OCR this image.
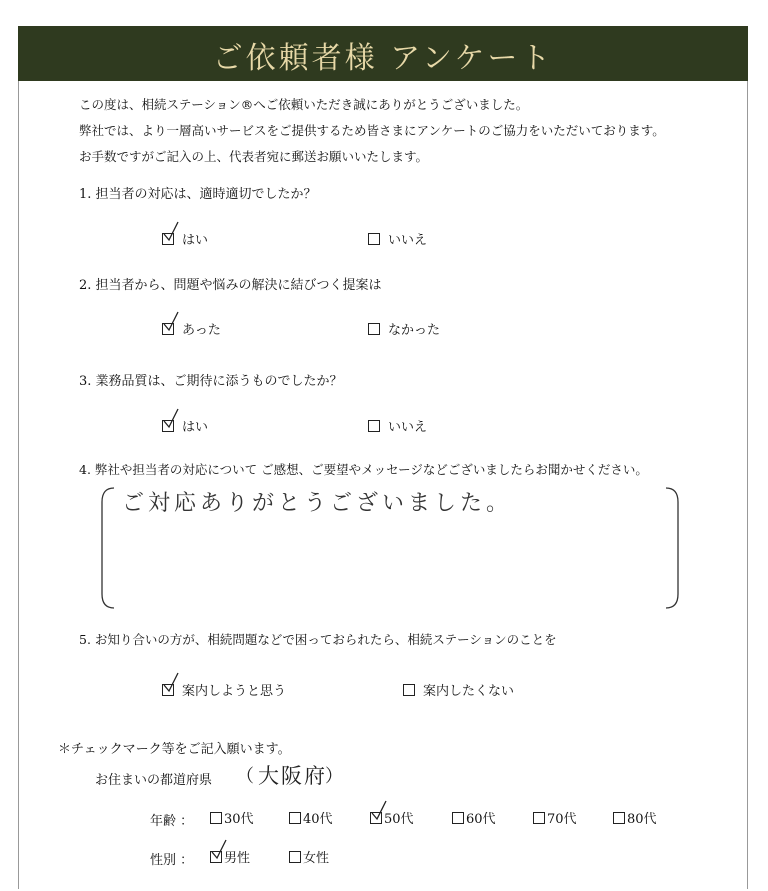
ご依頼者様 アンケート
この度は、相続ステーション®へご依頼いただき誠にありがとうございました。
弊社では、より一層高いサービスをご提供するため皆さまにアンケートのご協力をいただいております。
お手数ですがご記入の上、代表者宛に郵送お願いいたします。
1. 担当者の対応は、適時適切でしたか？
はい	いいえ
2. 担当者から、問題や悩みの解決に結びつく提案は
あった	なかった
3. 業務品質は、ご期待に添うものでしたか？
はい	いいえ
4. 弊社や担当者の対応について ご感想、ご要望やメッセージなどございましたらお聞かせください。
ご対応ありがとうございました。
5. お知り合いの方が、相続問題などで困っておられたら、相続ステーションのことを
案内しようと思う	案内したくない
＊チェックマーク等をご記入願います。
お住まいの都道府県 （ 大阪府
）
年齢 ： 30代	40代	50代	60代	70代	80代
性別 ： 男性	女性
